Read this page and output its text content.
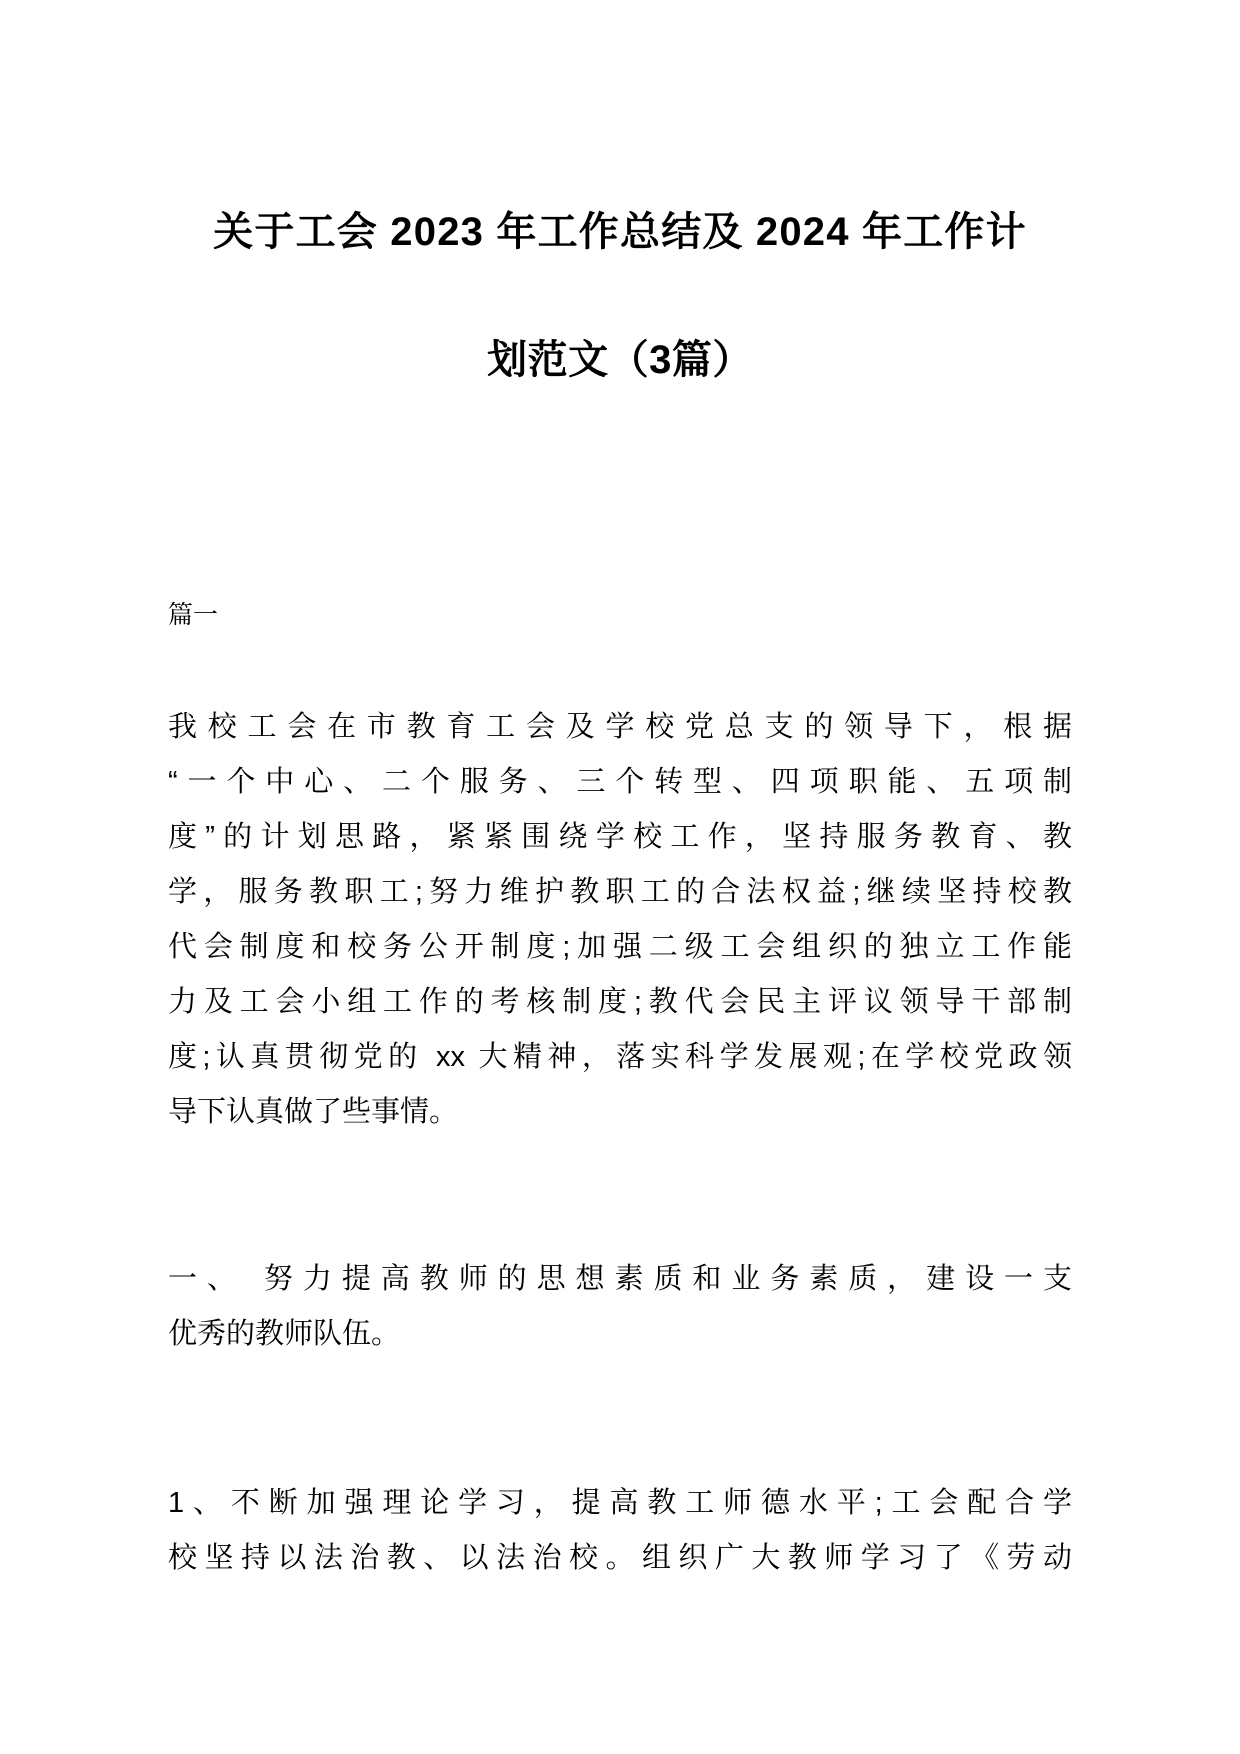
关于工会 2023 年工作总结及 2024 年工作计
划范文（3篇）

篇一

我校工会在市教育工会及学校党总支的领导下，根据
“一个中心、二个服务、三个转型、四项职能、五项制
度”的计划思路，紧紧围绕学校工作，坚持服务教育、教
学，服务教职工;努力维护教职工的合法权益;继续坚持校教
代会制度和校务公开制度;加强二级工会组织的独立工作能
力及工会小组工作的考核制度;教代会民主评议领导干部制
度;认真贯彻党的 xx 大精神，落实科学发展观;在学校党政领
导下认真做了些事情。

一、 努力提高教师的思想素质和业务素质，建设一支
优秀的教师队伍。

1、不断加强理论学习，提高教工师德水平;工会配合学
校坚持以法治教、以法治校。组织广大教师学习了《劳动
